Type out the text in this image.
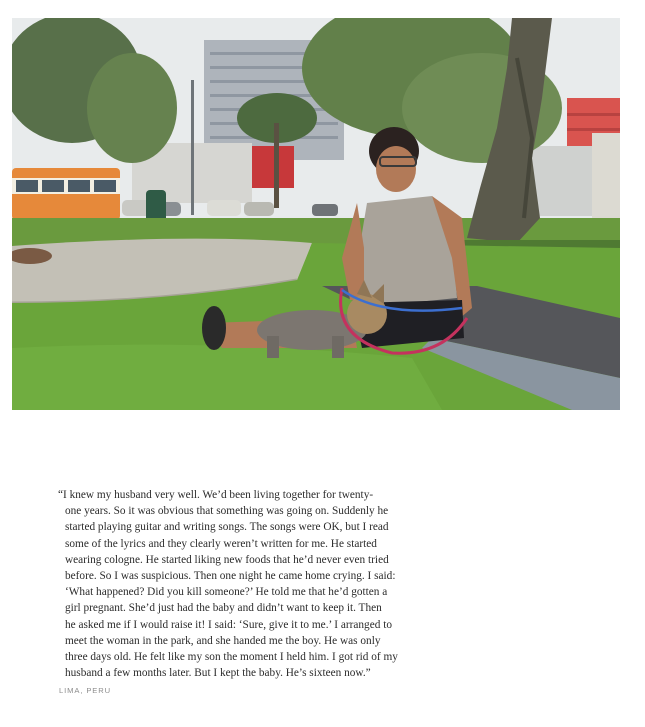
“I knew my husband very well. We’d been living together for twenty-
one years. So it was obvious that something was going on. Suddenly he
started playing guitar and writing songs. The songs were OK, but I read
some of the lyrics and they clearly weren’t written for me. He started
wearing cologne. He started liking new foods that he’d never even tried
before. So I was suspicious. Then one night he came home crying. I said:
‘What happened? Did you kill someone?’ He told me that he’d gotten a
girl pregnant. She’d just had the baby and didn’t want to keep it. Then
he asked me if I would raise it! I said: ‘Sure, give it to me.’ I arranged to
meet the woman in the park, and she handed me the boy. He was only
three days old. He felt like my son the moment I held him. I got rid of my
husband a few months later. But I kept the baby. He’s sixteen now.”

LIMA, PERU
